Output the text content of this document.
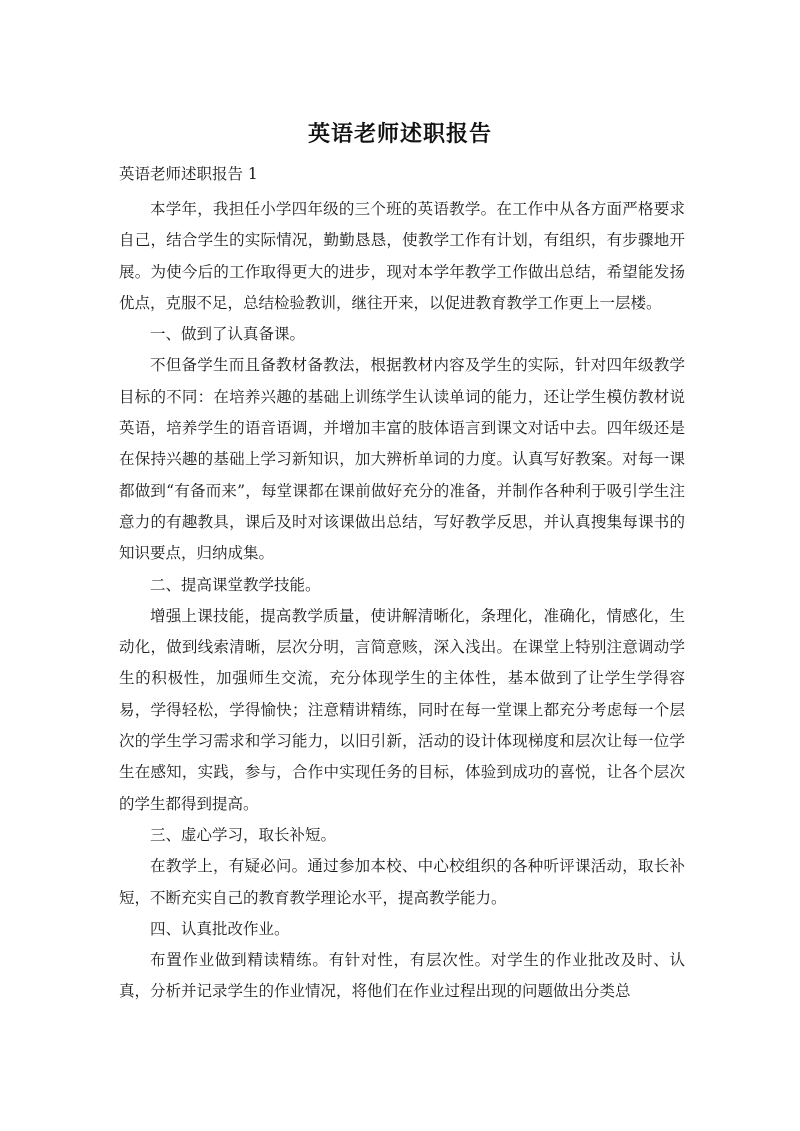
英语老师述职报告
英语老师述职报告 1

本学年，我担任小学四年级的三个班的英语教学。在工作中从各方面严格要求自己，结合学生的实际情况，勤勤恳恳，使教学工作有计划，有组织，有步骤地开展。为使今后的工作取得更大的进步，现对本学年教学工作做出总结，希望能发扬优点，克服不足，总结检验教训，继往开来，以促进教育教学工作更上一层楼。

一、做到了认真备课。

不但备学生而且备教材备教法，根据教材内容及学生的实际，针对四年级教学目标的不同：在培养兴趣的基础上训练学生认读单词的能力，还让学生模仿教材说英语，培养学生的语音语调，并增加丰富的肢体语言到课文对话中去。四年级还是在保持兴趣的基础上学习新知识，加大辨析单词的力度。认真写好教案。对每一课都做到“有备而来”，每堂课都在课前做好充分的准备，并制作各种利于吸引学生注意力的有趣教具，课后及时对该课做出总结，写好教学反思，并认真搜集每课书的知识要点，归纳成集。

二、提高课堂教学技能。

增强上课技能，提高教学质量，使讲解清晰化，条理化，准确化，情感化，生动化，做到线索清晰，层次分明，言简意赅，深入浅出。在课堂上特别注意调动学生的积极性，加强师生交流，充分体现学生的主体性，基本做到了让学生学得容易，学得轻松，学得愉快；注意精讲精练，同时在每一堂课上都充分考虑每一个层次的学生学习需求和学习能力，以旧引新，活动的设计体现梯度和层次让每一位学生在感知，实践，参与，合作中实现任务的目标，体验到成功的喜悦，让各个层次的学生都得到提高。

三、虚心学习，取长补短。

在教学上，有疑必问。通过参加本校、中心校组织的各种听评课活动，取长补短，不断充实自己的教育教学理论水平，提高教学能力。

四、认真批改作业。

布置作业做到精读精练。有针对性，有层次性。对学生的作业批改及时、认真，分析并记录学生的作业情况，将他们在作业过程出现的问题做出分类总
